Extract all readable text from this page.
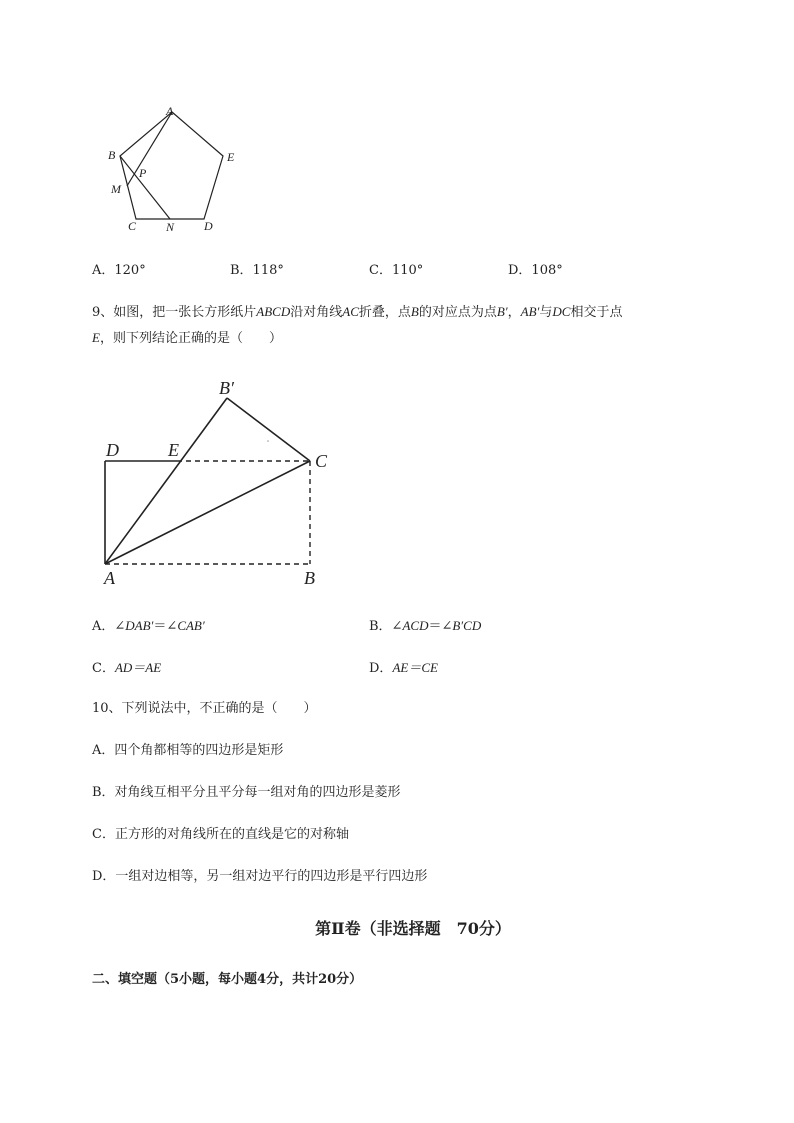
A
B	E
P
M
C N D
A．120°	B．118°	C．110°	D．108°
9、如图，把一张长方形纸片ABCD沿对角线AC折叠，点B的对应点为点B′，AB′与DC相交于点
E，则下列结论正确的是（　　）
B′
D	E
C
A	B
A．∠DAB′＝∠CAB′	B．∠ACD＝∠B′CD
C．AD＝AE	D．AE＝CE
10、下列说法中，不正确的是（　　）
A．四个角都相等的四边形是矩形
B．对角线互相平分且平分每一组对角的四边形是菱形
C．正方形的对角线所在的直线是它的对称轴
D．一组对边相等，另一组对边平行的四边形是平行四边形
第Ⅱ卷（非选择题　70分）
二、填空题（5小题，每小题4分，共计20分）
